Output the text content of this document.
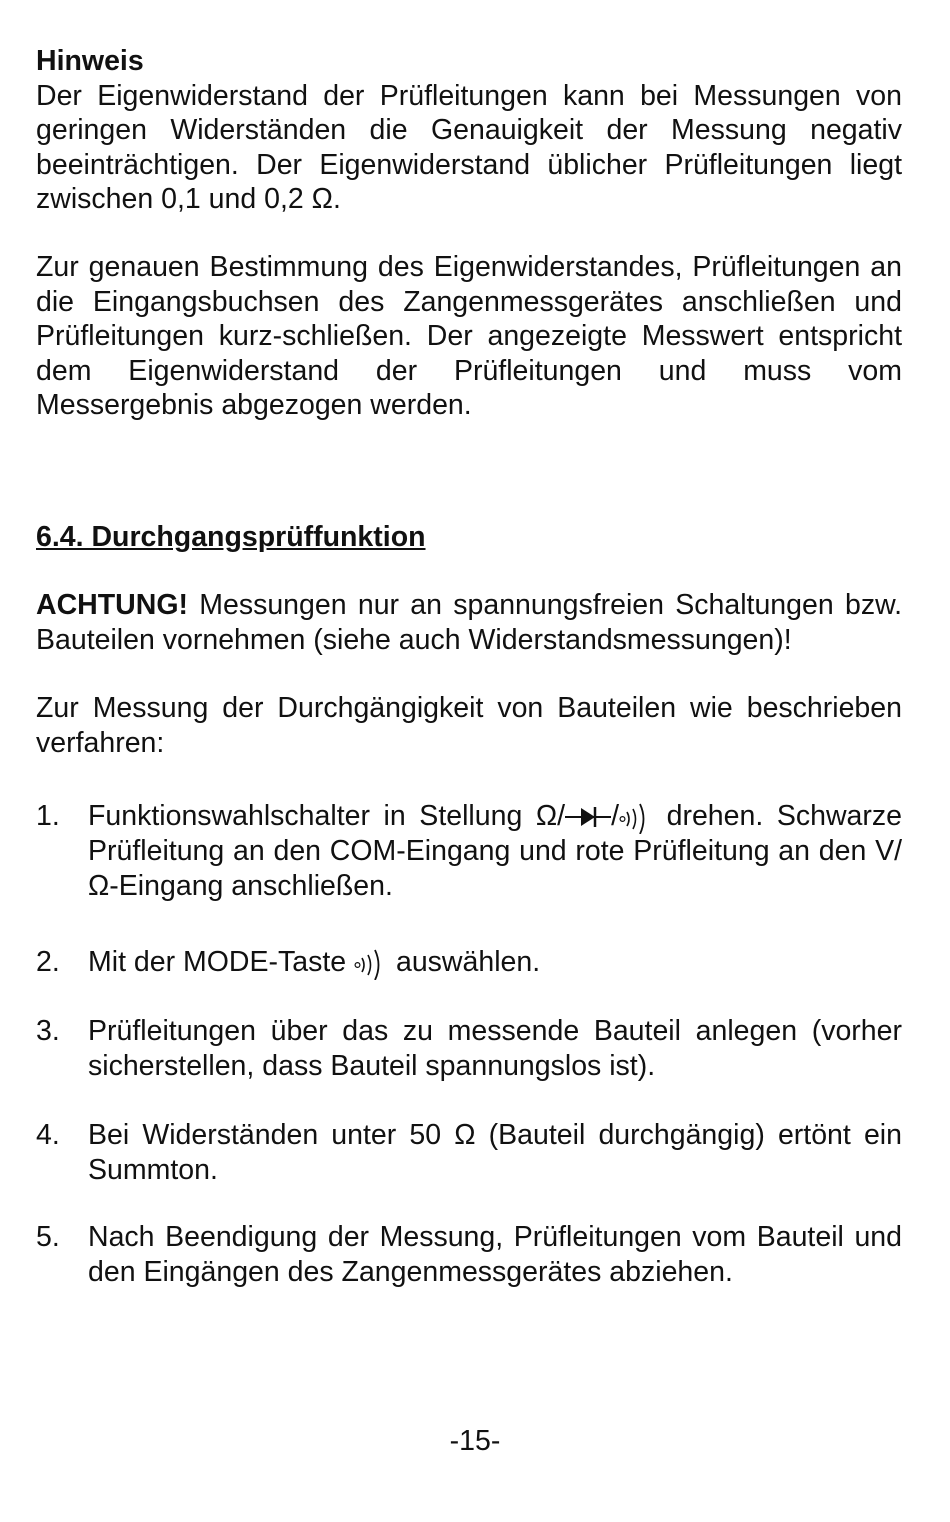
Hinweis
Der Eigenwiderstand der Prüfleitungen kann bei Messungen von geringen Widerständen die Genauigkeit der Messung negativ beeinträchtigen. Der Eigenwiderstand üblicher Prüfleitungen liegt zwischen 0,1 und 0,2 Ω.
Zur genauen Bestimmung des Eigenwiderstandes, Prüfleitungen an die Eingangsbuchsen des Zangenmessgerätes anschließen und Prüfleitungen kurz-schließen. Der angezeigte Messwert entspricht dem Eigenwiderstand der Prüfleitungen und muss vom Messergebnis abgezogen werden.
6.4. Durchgangsprüffunktion
ACHTUNG! Messungen nur an spannungsfreien Schaltungen bzw. Bauteilen vornehmen (siehe auch Widerstandsmessungen)!
Zur Messung der Durchgängigkeit von Bauteilen wie beschrieben verfahren:
1. Funktionswahlschalter in Stellung Ω/ / drehen. Schwarze Prüfleitung an den COM-Eingang und rote Prüfleitung an den V/Ω-Eingang anschließen.
2. Mit der MODE-Taste  auswählen.
3. Prüfleitungen über das zu messende Bauteil anlegen (vorher sicherstellen, dass Bauteil spannungslos ist).
4. Bei Widerständen unter 50 Ω (Bauteil durchgängig) ertönt ein Summton.
5. Nach Beendigung der Messung, Prüfleitungen vom Bauteil und den Eingängen des Zangenmessgerätes abziehen.
-15-
